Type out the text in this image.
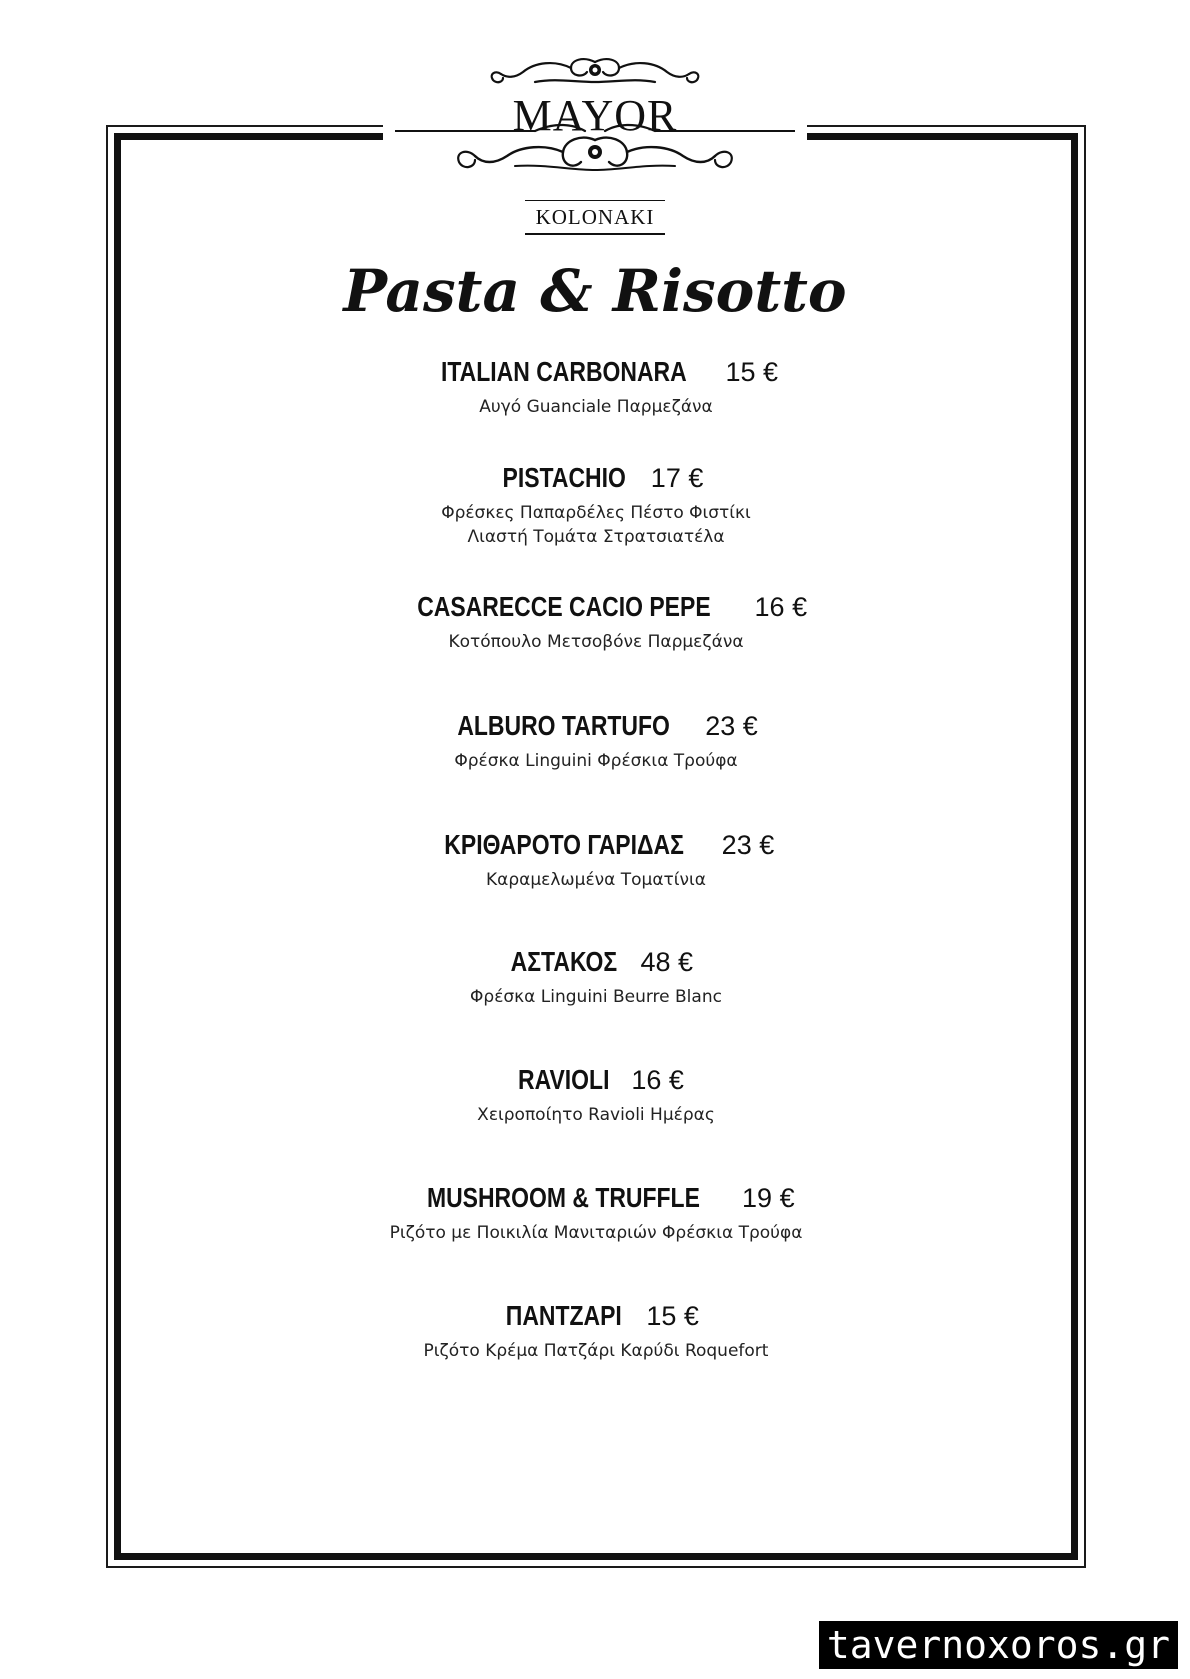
MAYOR
KOLONAKI
Pasta & Risotto
ITALIAN CARBONARA 15 €
Αυγό Guanciale Παρμεζάνα
PISTACHIO 17 €
Φρέσκες Παπαρδέλες Πέστο Φιστίκι
Λιαστή Τομάτα Στρατσιατέλα
CASARECCE CACIO PEPE 16 €
Κοτόπουλο Μετσοβόνε Παρμεζάνα
ALBURO TARTUFO 23 €
Φρέσκα Linguini Φρέσκια Τρούφα
ΚΡΙΘΑΡΟΤΟ ΓΑΡΙΔΑΣ 23 €
Καραμελωμένα Τοματίνια
ΑΣΤΑΚΟΣ 48 €
Φρέσκα Linguini Beurre Blanc
RAVIOLI 16 €
Χειροποίητο Ravioli Ημέρας
MUSHROOM & TRUFFLE 19 €
Ριζότο με Ποικιλία Μανιταριών Φρέσκια Τρούφα
ΠΑΝΤΖΑΡΙ 15 €
Ριζότο Κρέμα Πατζάρι Καρύδι Roquefort
tavernoxoros.gr
